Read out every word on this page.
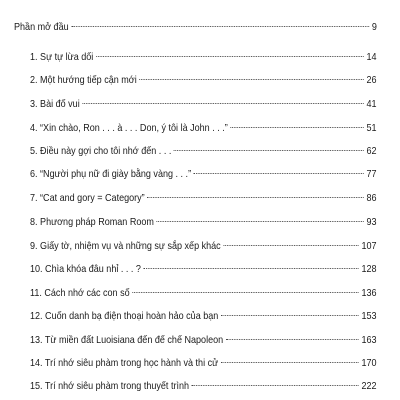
Phần mở đầu	9
1. Sự tự lừa dối	14
2. Một hướng tiếp cận mới	26
3. Bài đố vui	41
4. “Xin chào, Ron . . . à . . . Don, ý tôi là John . . .”	51
5. Điều này gợi cho tôi nhớ đến . . .	62
6. “Người phụ nữ đi giày bằng vàng . . .”	77
7. “Cat and gory = Category”	86
8. Phương pháp Roman Room	93
9. Giấy tờ, nhiệm vụ và những sự sắp xếp khác	107
10. Chìa khóa đâu nhỉ . . . ?	128
11. Cách nhớ các con số	136
12. Cuốn danh bạ điện thoại hoàn hảo của bạn	153
13. Từ miền đất Luoisiana đến đế chế Napoleon	163
14. Trí nhớ siêu phàm trong học hành và thi cử	170
15. Trí nhớ siêu phàm trong thuyết trình	222
